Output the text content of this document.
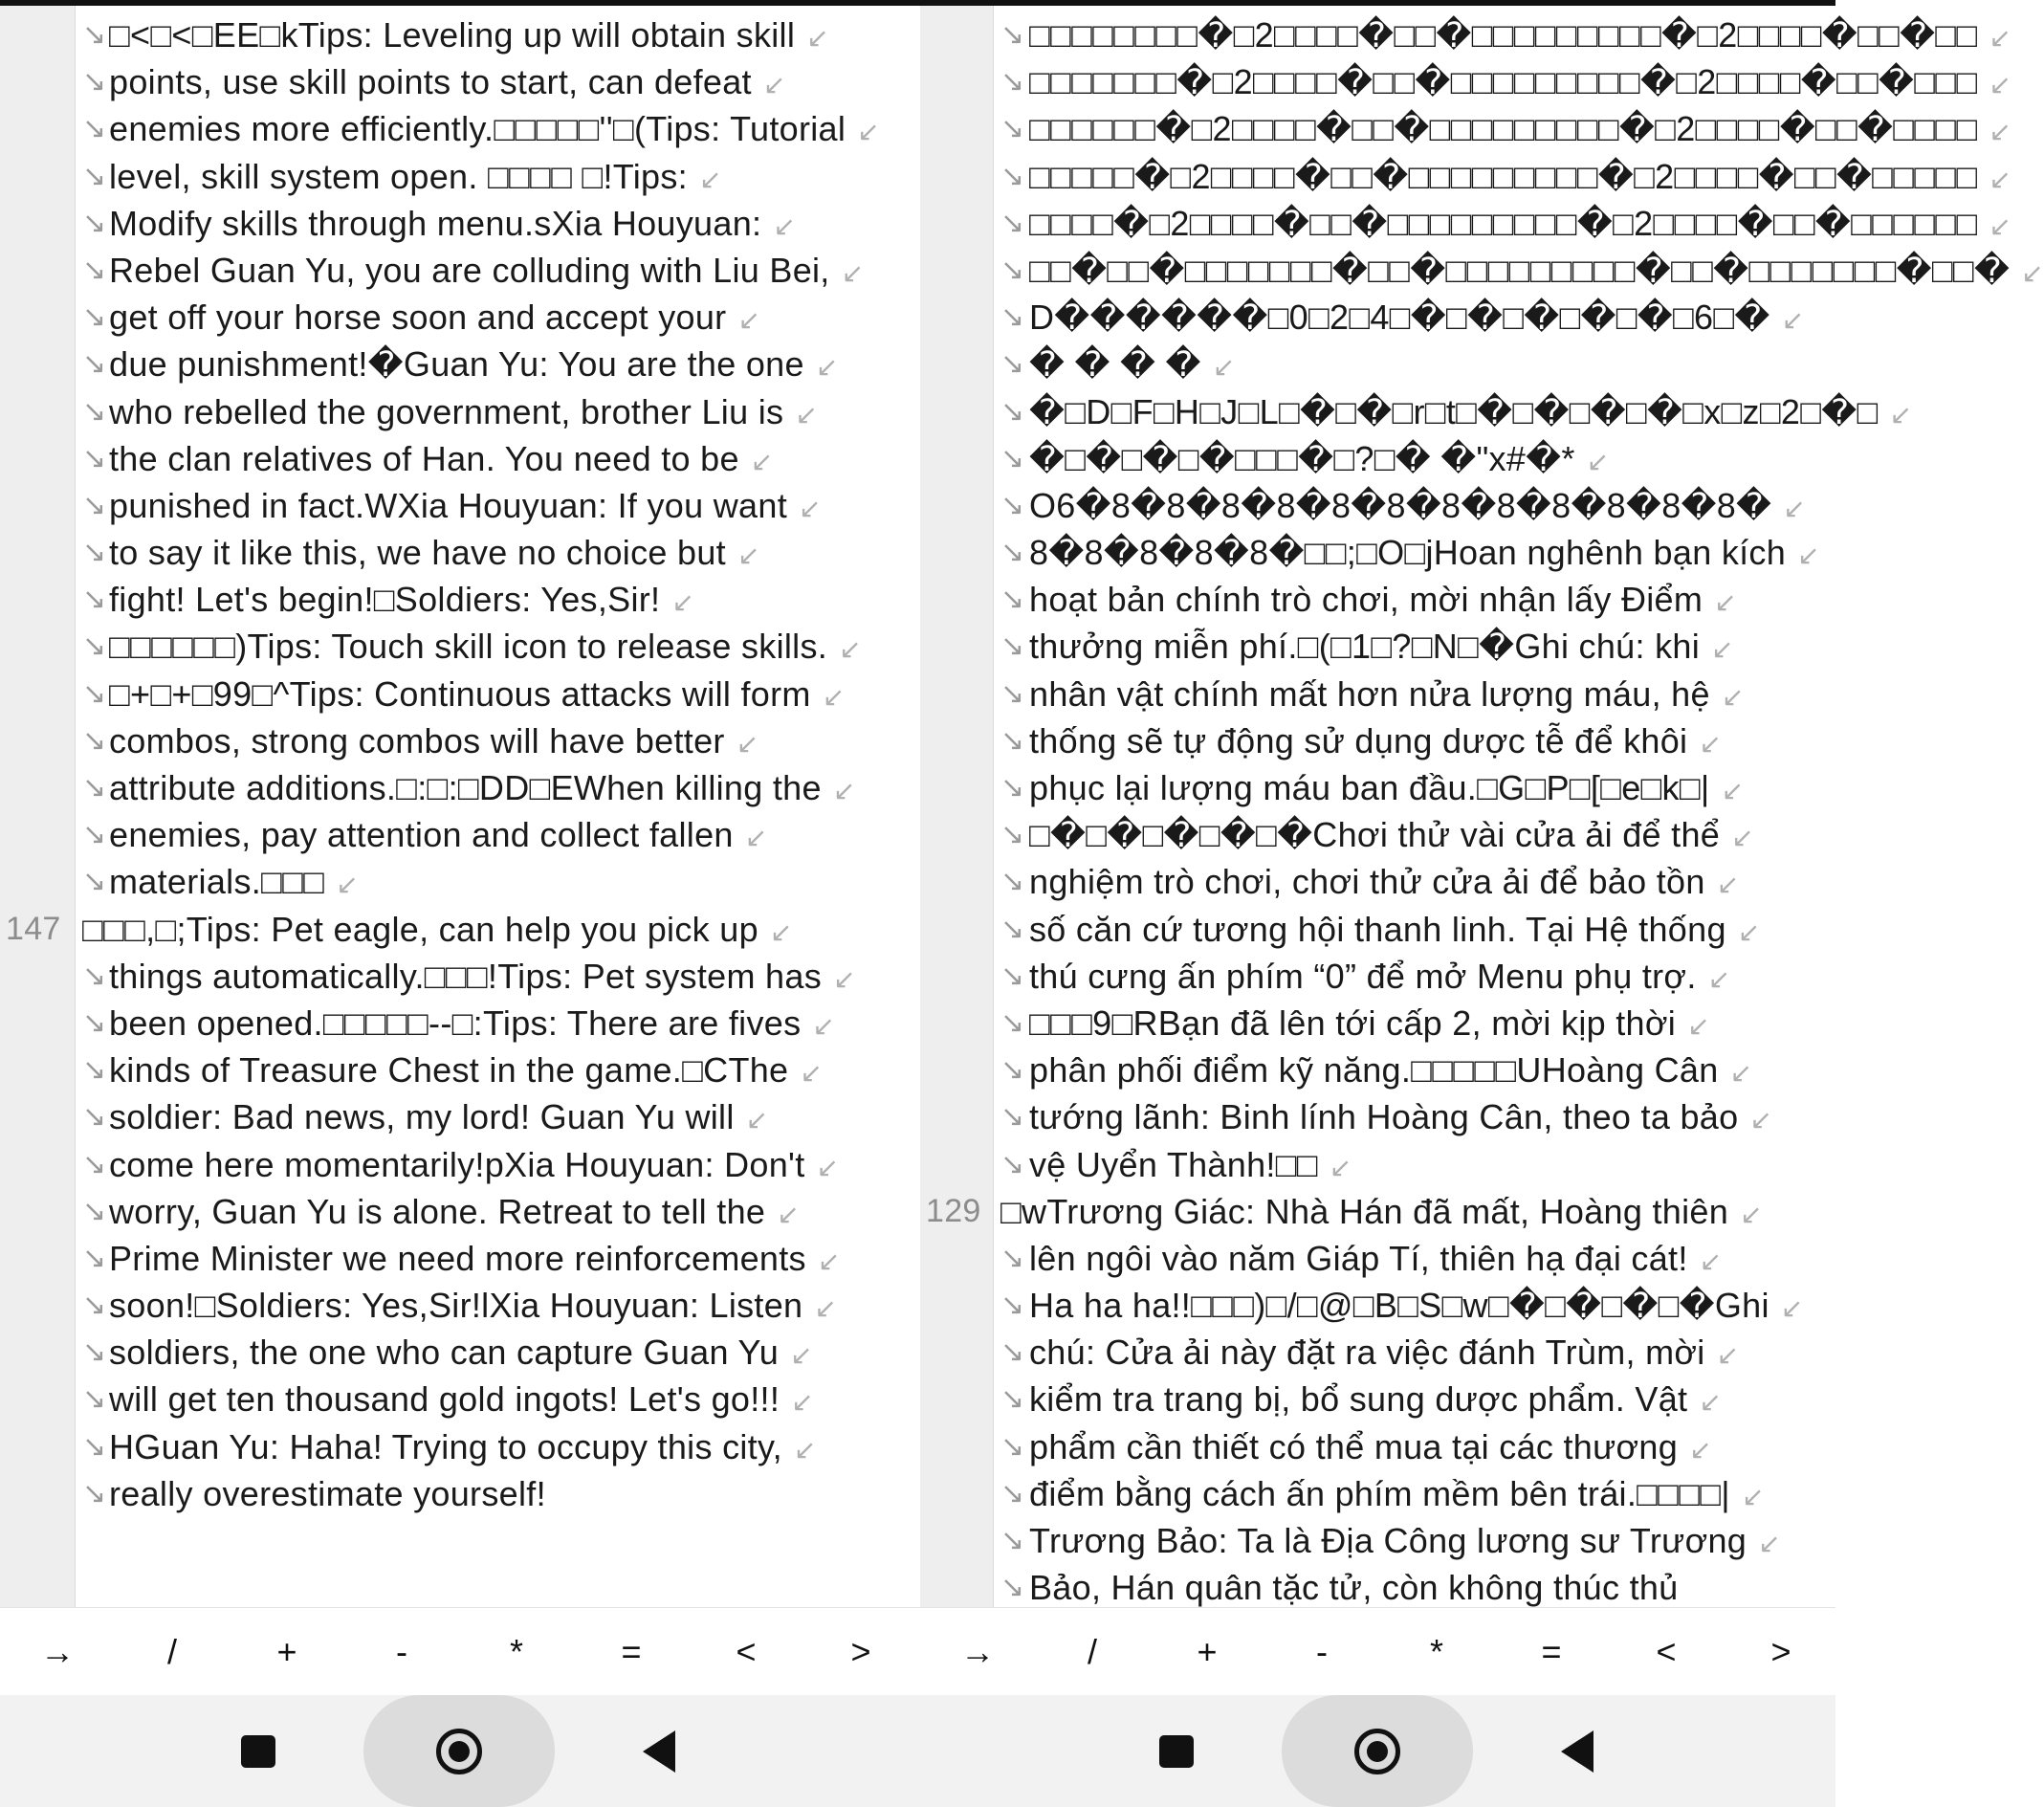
↘ □<□<□EE□kTips: Leveling up will obtain skill ↙
↘ points, use skill points to start, can defeat ↙
↘ enemies more efficiently.□□□□□''□(Tips: Tutorial ↙
↘ level, skill system open. □□□□ □!Tips: ↙
↘ Modify skills through menu.sXia Houyuan: ↙
↘ Rebel Guan Yu, you are colluding with Liu Bei, ↙
↘ get off your horse soon and accept your ↙
↘ due punishment!�Guan Yu: You are the one ↙
↘ who rebelled the government, brother Liu is ↙
↘ the clan relatives of Han. You need to be ↙
↘ punished in fact.WXia Houyuan: If you want ↙
↘ to say it like this, we have no choice but ↙
↘ fight! Let's begin!□Soldiers: Yes,Sir! ↙
↘ □□□□□□)Tips: Touch skill icon to release skills. ↙
↘ □+□+□99□^Tips: Continuous attacks will form ↙
↘ combos, strong combos will have better ↙
↘ attribute additions.□:□:□DD□EWhen killing the ↙
↘ enemies, pay attention and collect fallen ↙
↘ materials.□□□ ↙
147 □□□,□;Tips: Pet eagle, can help you pick up ↙
↘ things automatically.□□□!Tips: Pet system has ↙
↘ been opened.□□□□□--□:Tips: There are fives ↙
↘ kinds of Treasure Chest in the game.□CThe ↙
↘ soldier: Bad news, my lord! Guan Yu will ↙
↘ come here momentarily!pXia Houyuan: Don't ↙
↘ worry, Guan Yu is alone. Retreat to tell the ↙
↘ Prime Minister we need more reinforcements ↙
↘ soon!□Soldiers: Yes,Sir!lXia Houyuan: Listen ↙
↘ soldiers, the one who can capture Guan Yu ↙
↘ will get ten thousand gold ingots! Let's go!!! ↙
↘ HGuan Yu: Haha! Trying to occupy this city, ↙
↘ really overestimate yourself!
↘ □□□□□□□□�□2□□□□�□□�□□□□□□□□□�□2□□□□�□□�□□ ↙
↘ □□□□□□□�□2□□□□�□□�□□□□□□□□□�□2□□□□�□□�□□□ ↙
↘ □□□□□□�□2□□□□�□□�□□□□□□□□□�□2□□□□�□□�□□□□ ↙
↘ □□□□□�□2□□□□�□□�□□□□□□□□□�□2□□□□�□□�□□□□□ ↙
↘ □□□□�□2□□□□�□□�□□□□□□□□□�□2□□□□�□□�□□□□□□ ↙
↘ □□�□□�□□□□□□□�□□�□□□□□□□□□�□□�□□□□□□□�□□� ↙
↘ D������□0□2□4□�□�□�□�□�□6□� ↙
↘ � � � � ↙
↘ �□D□F□H□J□L□�□�□r□t□�□�□�□�□x□z□2□�□ ↙
↘ �□�□�□�□□□�□?□� �"x#�* ↙
↘ O6�8�8�8�8�8�8�8�8�8�8�8�8� ↙
↘ 8�8�8�8�8�□□;□O□jHoan nghênh bạn kích ↙
↘ hoạt bản chính trò chơi, mời nhận lấy Điểm ↙
↘ thưởng miễn phí.□(□1□?□N□�Ghi chú: khi ↙
↘ nhân vật chính mất hơn nửa lượng máu, hệ ↙
↘ thống sẽ tự động sử dụng dược tễ để khôi ↙
↘ phục lại lượng máu ban đầu.□G□P□[□e□k□| ↙
↘ □�□�□�□�□�Chơi thử vài cửa ải để thể ↙
↘ nghiệm trò chơi, chơi thử cửa ải để bảo tồn ↙
↘ số căn cứ tương hội thanh linh. Tại Hệ thống ↙
↘ thú cưng ấn phím “0” để mở Menu phụ trợ. ↙
↘ □□□9□RBạn đã lên tới cấp 2, mời kịp thời ↙
↘ phân phối điểm kỹ năng.□□□□□UHoàng Cân ↙
↘ tướng lãnh: Binh lính Hoàng Cân, theo ta bảo ↙
↘ vệ Uyển Thành!□□ ↙
129 □wTrương Giác: Nhà Hán đã mất, Hoàng thiên ↙
↘ lên ngôi vào năm Giáp Tí, thiên hạ đại cát! ↙
↘ Ha ha ha!!□□□)□/□@□B□S□w□�□�□�□�Ghi ↙
↘ chú: Cửa ải này đặt ra việc đánh Trùm, mời ↙
↘ kiểm tra trang bị, bổ sung dược phẩm. Vật ↙
↘ phẩm cần thiết có thể mua tại các thương ↙
↘ điểm bằng cách ấn phím mềm bên trái.□□□□| ↙
↘ Trương Bảo: Ta là Địa Công lương sư Trương ↙
↘ Bảo, Hán quân tặc tử, còn không thúc thủ
→	/	+	-	*	=	<	>	→	/	+	-	*	=	<	>
